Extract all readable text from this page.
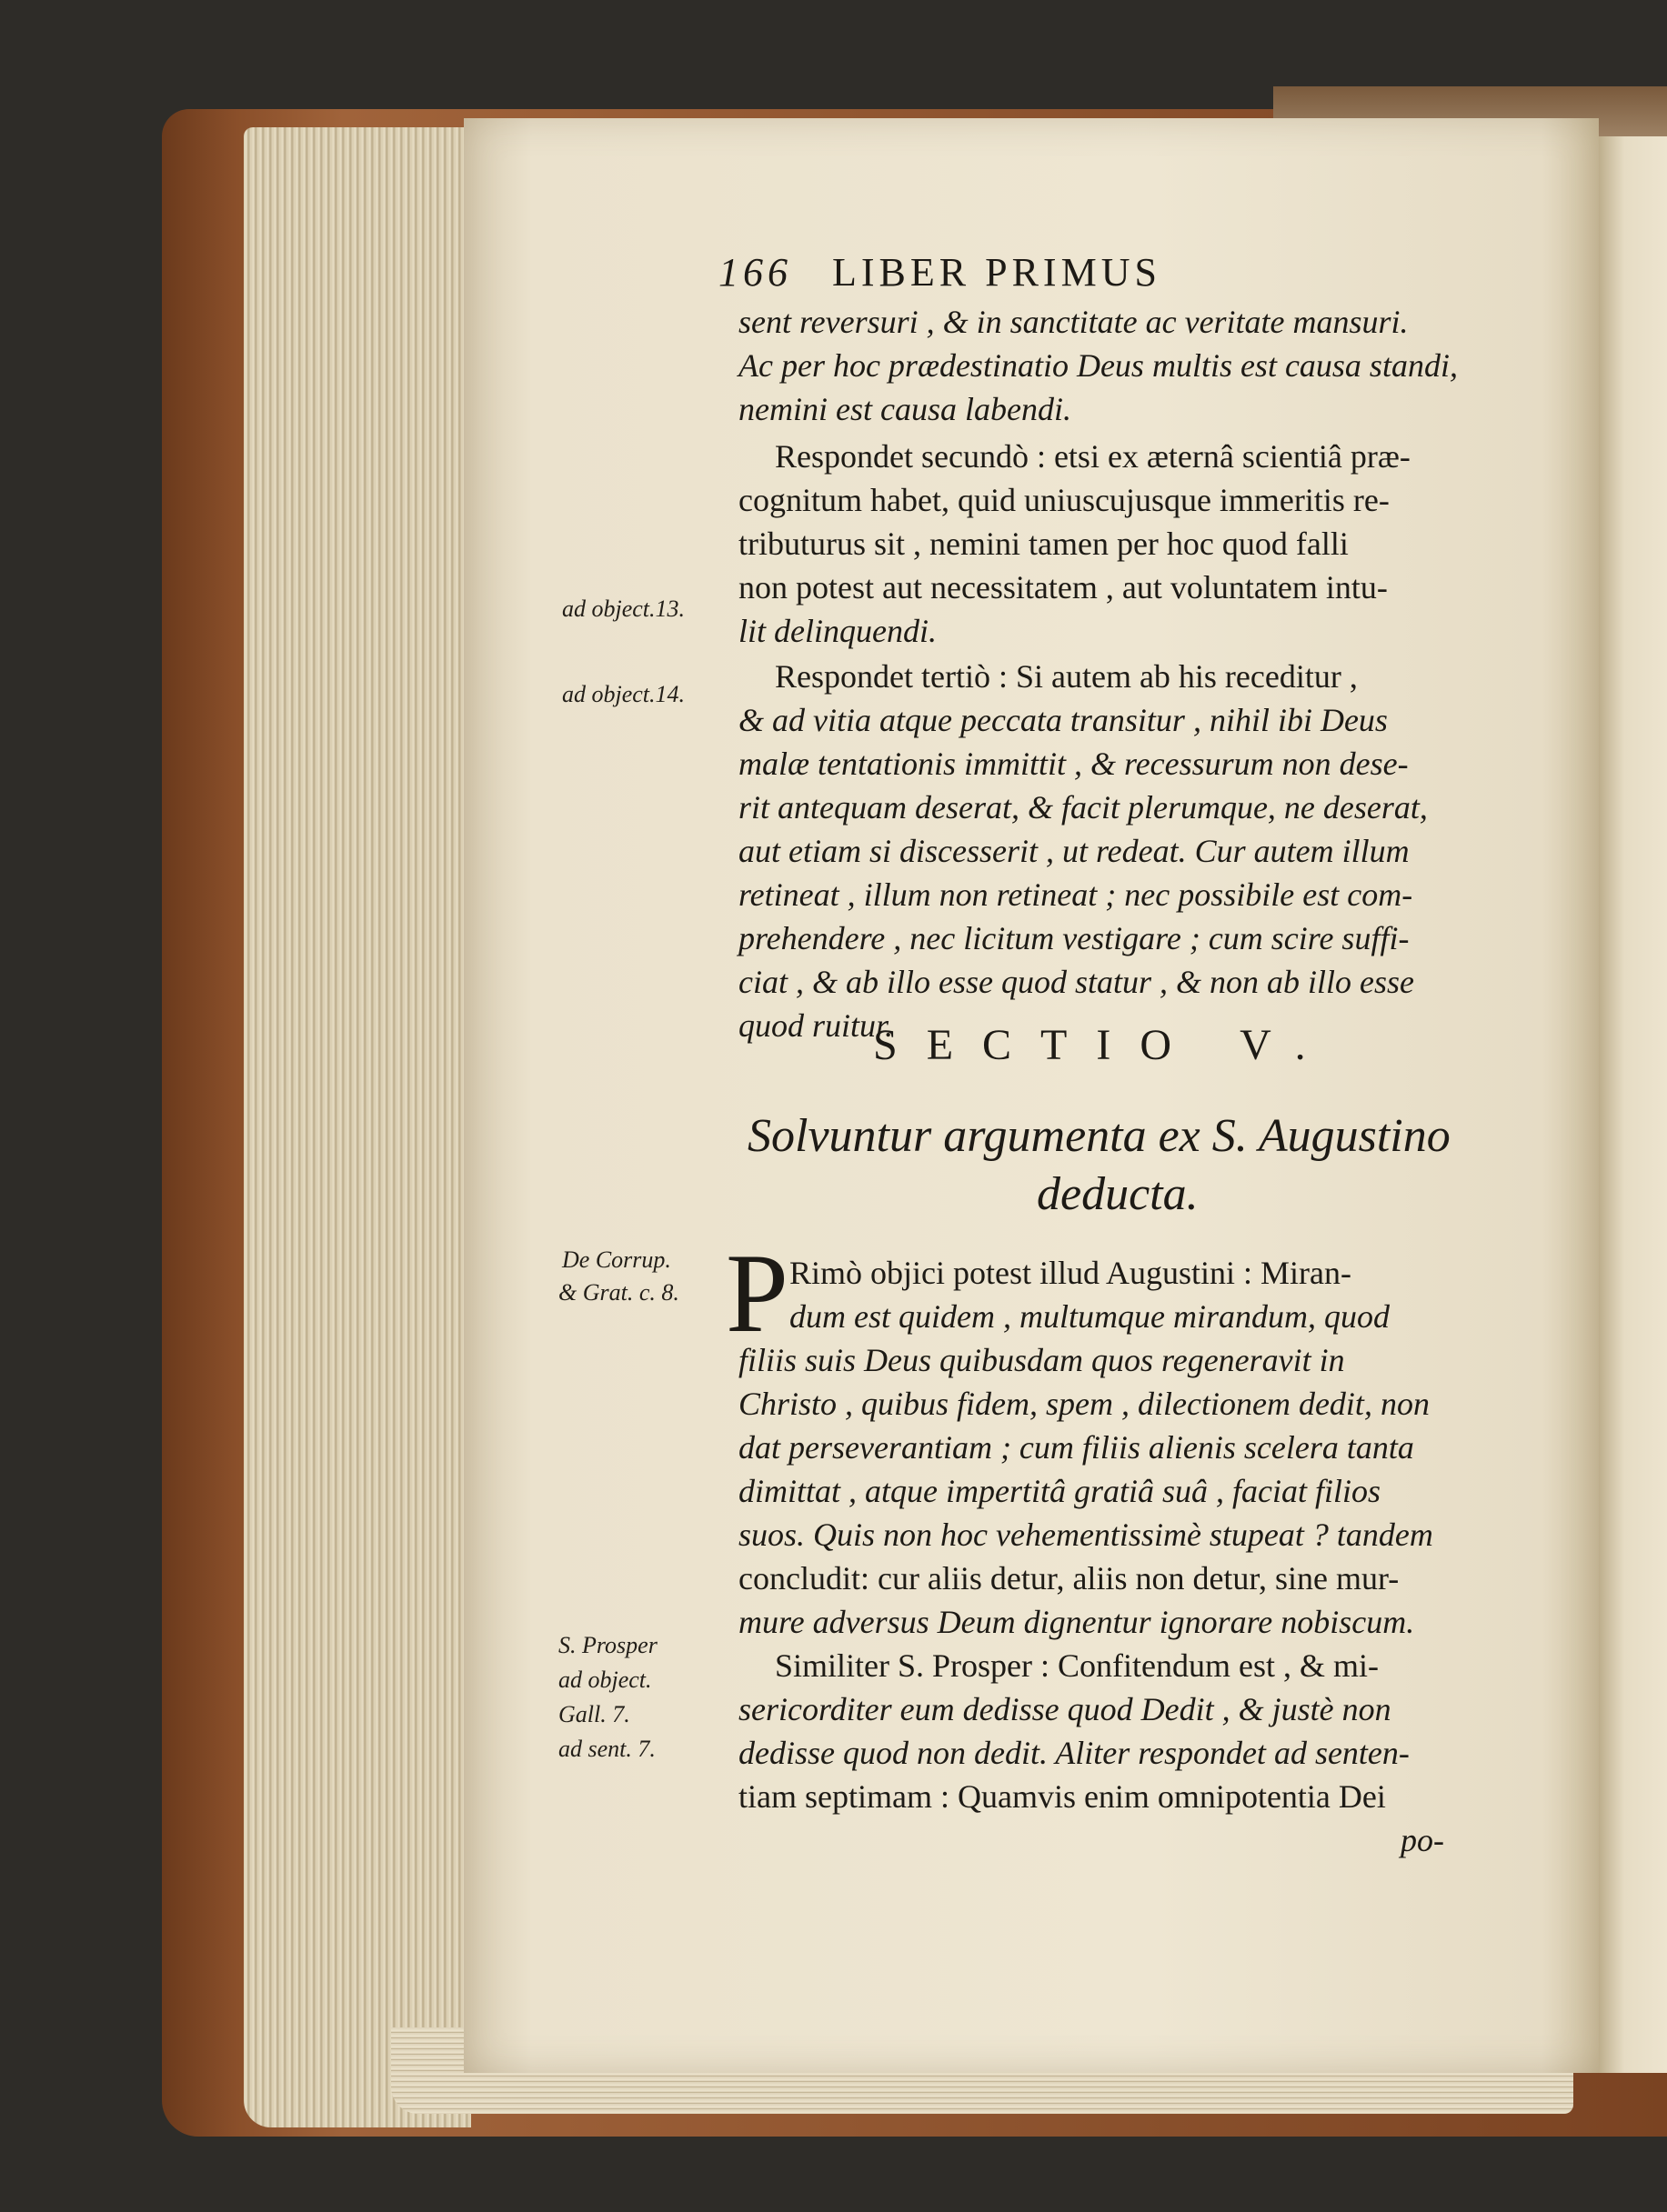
166 LIBER PRIMUS
sent reversuri , & in sanctitate ac veritate mansuri.
Ac per hoc prædestinatio Deus multis est causa standi,
nemini est causa labendi.
Respondet secundò : etsi ex æternâ scientiâ præ-
cognitum habet, quid uniuscujusque immeritis re-
tributurus sit , nemini tamen per hoc quod falli
non potest aut necessitatem , aut voluntatem intu-
lit delinquendi.
Respondet tertiò : Si autem ab his receditur ,
& ad vitia atque peccata transitur , nihil ibi Deus
malæ tentationis immittit , & recessurum non dese-
rit antequam deserat, & facit plerumque, ne deserat,
aut etiam si discesserit , ut redeat. Cur autem illum
retineat , illum non retineat ; nec possibile est com-
prehendere , nec licitum vestigare ; cum scire suffi-
ciat , & ab illo esse quod statur , & non ab illo esse
quod ruitur.
ad object.13.
ad object.14.
SECTIO V.
Solvuntur argumenta ex S. Augustino
deducta.
De Corrup.
& Grat. c. 8.
S. Prosper
ad object.
Gall. 7.
ad sent. 7.
P Rimò objici potest illud Augustini : Miran-
dum est quidem , multumque mirandum, quod
filiis suis Deus quibusdam quos regeneravit in
Christo , quibus fidem, spem , dilectionem dedit, non
dat perseverantiam ; cum filiis alienis scelera tanta
dimittat , atque impertitâ gratiâ suâ , faciat filios
suos. Quis non hoc vehementissimè stupeat ? tandem
concludit: cur aliis detur, aliis non detur, sine mur-
mure adversus Deum dignentur ignorare nobiscum.
Similiter S. Prosper : Confitendum est , & mi-
sericorditer eum dedisse quod Dedit , & justè non
dedisse quod non dedit. Aliter respondet ad senten-
tiam septimam : Quamvis enim omnipotentia Dei
po-
